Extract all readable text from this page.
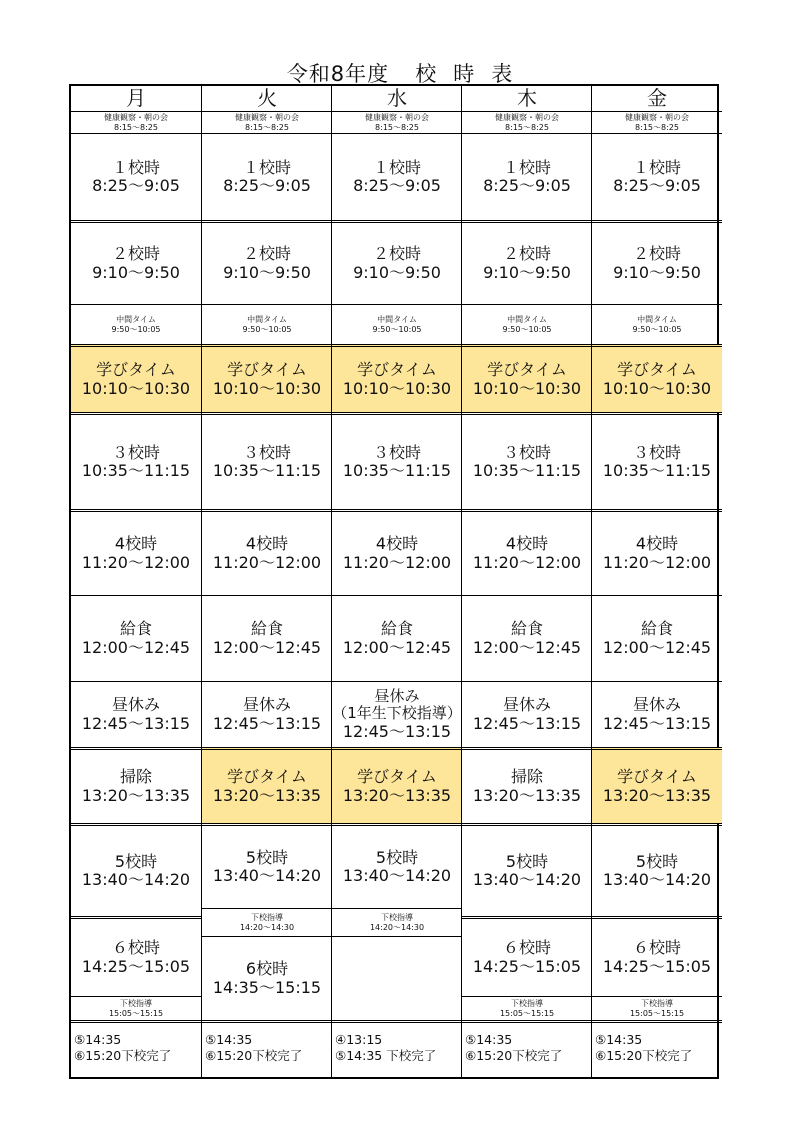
令和8年度 校 時 表
月
健康観察・朝の会
8:15～8:25
１校時
8:25～9:05
２校時
9:10～9:50
中間タイム
9:50～10:05
学びタイム
10:10～10:30
３校時
10:35～11:15
4校時
11:20～12:00
給食
12:00～12:45
昼休み
12:45～13:15
掃除
13:20～13:35
5校時
13:40～14:20
６校時
14:25～15:05
下校指導
15:05～15:15
⑤14:35
⑥15:20下校完了
火
健康観察・朝の会
8:15～8:25
１校時
8:25～9:05
２校時
9:10～9:50
中間タイム
9:50～10:05
学びタイム
10:10～10:30
３校時
10:35～11:15
4校時
11:20～12:00
給食
12:00～12:45
昼休み
12:45～13:15
学びタイム
13:20～13:35
5校時
13:40～14:20
下校指導
14:20～14:30
6校時
14:35～15:15
⑤14:35
⑥15:20下校完了
水
健康観察・朝の会
8:15～8:25
１校時
8:25～9:05
２校時
9:10～9:50
中間タイム
9:50～10:05
学びタイム
10:10～10:30
３校時
10:35～11:15
4校時
11:20～12:00
給食
12:00～12:45
昼休み
（1年生下校指導）
12:45～13:15
学びタイム
13:20～13:35
5校時
13:40～14:20
下校指導
14:20～14:30
④13:15
⑤14:35 下校完了
木
健康観察・朝の会
8:15～8:25
１校時
8:25～9:05
２校時
9:10～9:50
中間タイム
9:50～10:05
学びタイム
10:10～10:30
３校時
10:35～11:15
4校時
11:20～12:00
給食
12:00～12:45
昼休み
12:45～13:15
掃除
13:20～13:35
5校時
13:40～14:20
６校時
14:25～15:05
下校指導
15:05～15:15
⑤14:35
⑥15:20下校完了
金
健康観察・朝の会
8:15～8:25
１校時
8:25～9:05
２校時
9:10～9:50
中間タイム
9:50～10:05
学びタイム
10:10～10:30
３校時
10:35～11:15
4校時
11:20～12:00
給食
12:00～12:45
昼休み
12:45～13:15
学びタイム
13:20～13:35
5校時
13:40～14:20
６校時
14:25～15:05
下校指導
15:05～15:15
⑤14:35
⑥15:20下校完了
